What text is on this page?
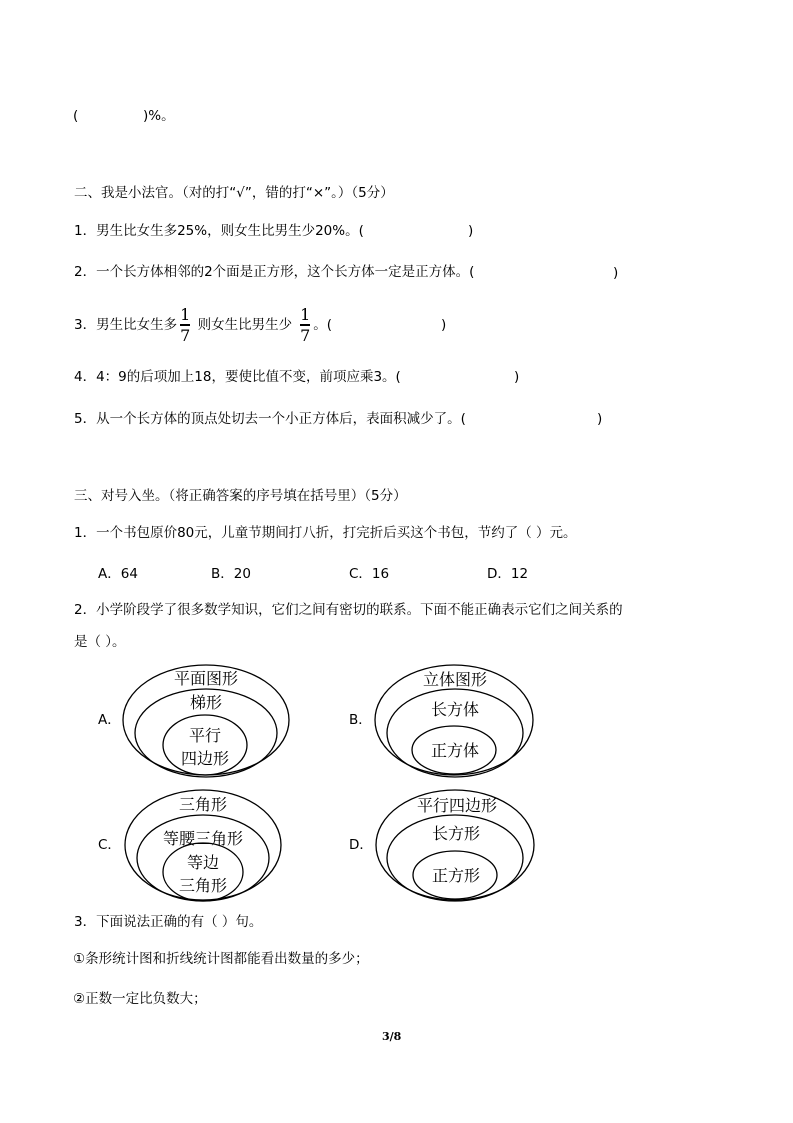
(	)%。
二、我是小法官。（对的打“√”，错的打“×”。）（5分）
1．男生比女生多25%，则女生比男生少20%。(	)
2．一个长方体相邻的2个面是正方形，这个长方体一定是正方体。(	)
3．男生比女生多 $\frac{1}{7}$ 则女生比男生少 $\frac{1}{7}$ 。(	)
4．4：9的后项加上18，要使比值不变，前项应乘3。(	)
5．从一个长方体的顶点处切去一个小正方体后，表面积减少了。(	)
三、对号入坐。（将正确答案的序号填在括号里）（5分）
1．一个书包原价80元，儿童节期间打八折，打完折后买这个书包，节约了（ ）元。
A．64	B．20	C．16	D．12
2．小学阶段学了很多数学知识，它们之间有密切的联系。下面不能正确表示它们之间关系的
是（ ）。
A．	B．
C．	D．
平面图形
梯形
平行
四边形
立体图形
长方体
正方体
三角形
等腰三角形
等边
三角形
平行四边形
长方形
正方形
3．下面说法正确的有（ ）句。
①条形统计图和折线统计图都能看出数量的多少；
②正数一定比负数大；
3/8
